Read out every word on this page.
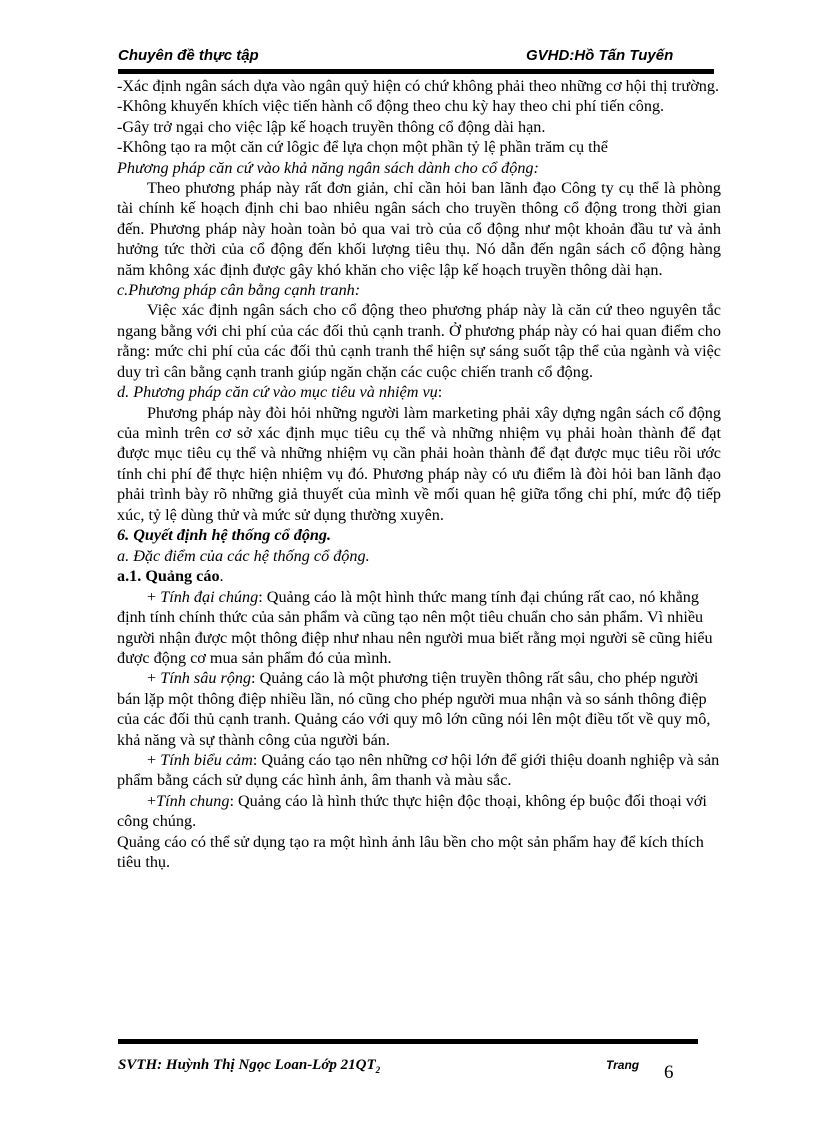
Chuyên đề thực tập	GVHD:Hồ Tấn Tuyến

-Xác định ngân sách dựa vào ngân quỷ hiện có chứ không phải theo những cơ hội thị trường.

-Không khuyến khích việc tiến hành cổ động theo chu kỳ hay theo chi phí tiến công.

-Gây trở ngại cho việc lập kế hoạch truyền thông cổ động dài hạn.

-Không tạo ra một căn cứ lôgic để lựa chọn một phần tỷ lệ phần trăm cụ thể

Phương pháp căn cứ vào khả năng ngân sách dành cho cổ động:

Theo phương pháp này rất đơn giản, chỉ cần hỏi ban lãnh đạo Công ty cụ thể là phòng tài chính kế hoạch định chi bao nhiêu ngân sách cho truyền thông cổ động trong thời gian đến. Phương pháp này hoàn toàn bỏ qua vai trò của cổ động như một khoản đầu tư và ảnh hưởng tức thời của cổ động đến khối lượng tiêu thụ. Nó dẫn đến ngân sách cổ động hàng năm không xác định được gây khó khăn cho việc lập kế hoạch truyền thông dài hạn.

c.Phương pháp cân bằng cạnh tranh:

Việc xác định ngân sách cho cổ động theo phương pháp này là căn cứ theo nguyên tắc ngang bằng với chi phí của các đối thủ cạnh tranh. Ở phương pháp này có hai quan điểm cho rằng: mức chi phí của các đối thủ cạnh tranh thể hiện sự sáng suốt tập thể của ngành và việc duy trì cân bằng cạnh tranh giúp ngăn chặn các cuộc chiến tranh cổ động.

d. Phương pháp căn cứ vào mục tiêu và nhiệm vụ:

Phương pháp này đòi hỏi những người làm marketing phải xây dựng ngân sách cổ động của mình trên cơ sở xác định mục tiêu cụ thể và những nhiệm vụ phải hoàn thành để đạt được mục tiêu cụ thể và những nhiệm vụ cần phải hoàn thành để đạt được mục tiêu rồi ước tính chi phí để thực hiện nhiệm vụ đó. Phương pháp này có ưu điểm là đòi hỏi ban lãnh đạo phải trình bày rõ những giả thuyết của mình về mối quan hệ giữa tổng chi phí, mức độ tiếp xúc, tỷ lệ dùng thử và mức sử dụng thường xuyên.

6. Quyết định hệ thống cổ động.

a. Đặc điểm của các hệ thống cổ động.

a.1. Quảng cáo.

+ Tính đại chúng: Quảng cáo là một hình thức mang tính đại chúng rất cao, nó khẳng định tính chính thức của sản phẩm và cũng tạo nên một tiêu chuẩn cho sản phẩm. Vì nhiều người nhận được một thông điệp như nhau nên người mua biết rằng mọi người sẽ cũng hiểu được động cơ mua sản phẩm đó của mình.

+ Tính sâu rộng: Quảng cáo là một phương tiện truyền thông rất sâu, cho phép người bán lặp một thông điệp nhiều lần, nó cũng cho phép người mua nhận và so sánh thông điệp của các đối thủ cạnh tranh. Quảng cáo với quy mô lớn cũng nói lên một điều tốt về quy mô, khả năng và sự thành công của người bán.

+ Tính biểu cảm: Quảng cáo tạo nên những cơ hội lớn để giới thiệu doanh nghiệp và sản phẩm bằng cách sử dụng các hình ảnh, âm thanh và màu sắc.

+Tính chung: Quảng cáo là hình thức thực hiện độc thoại, không ép buộc đối thoại với công chúng.

Quảng cáo có thể sử dụng tạo ra một hình ảnh lâu bền cho một sản phẩm hay để kích thích tiêu thụ.

SVTH: Huỳnh Thị Ngọc Loan-Lớp $21QT_2$	Trang 6
